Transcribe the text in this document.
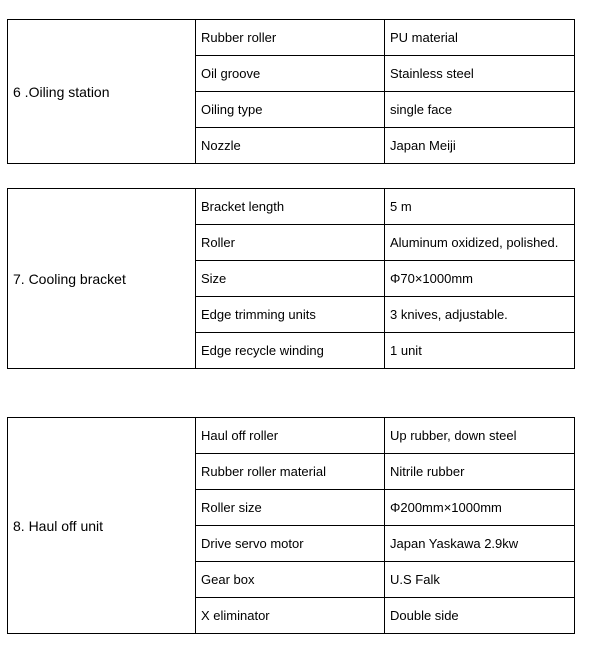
6 .Oiling station	Rubber roller	PU material
	Oil groove	Stainless steel
	Oiling type	single face
	Nozzle	Japan Meiji
7. Cooling bracket	Bracket length	5 m
	Roller	Aluminum oxidized, polished.
	Size	Φ70×1000mm
	Edge trimming units	3 knives, adjustable.
	Edge recycle winding	1 unit
8. Haul off unit	Haul off roller	Up rubber, down steel
	Rubber roller material	Nitrile rubber
	Roller size	Φ200mm×1000mm
	Drive servo motor	Japan Yaskawa 2.9kw
	Gear box	U.S Falk
	X eliminator	Double side
